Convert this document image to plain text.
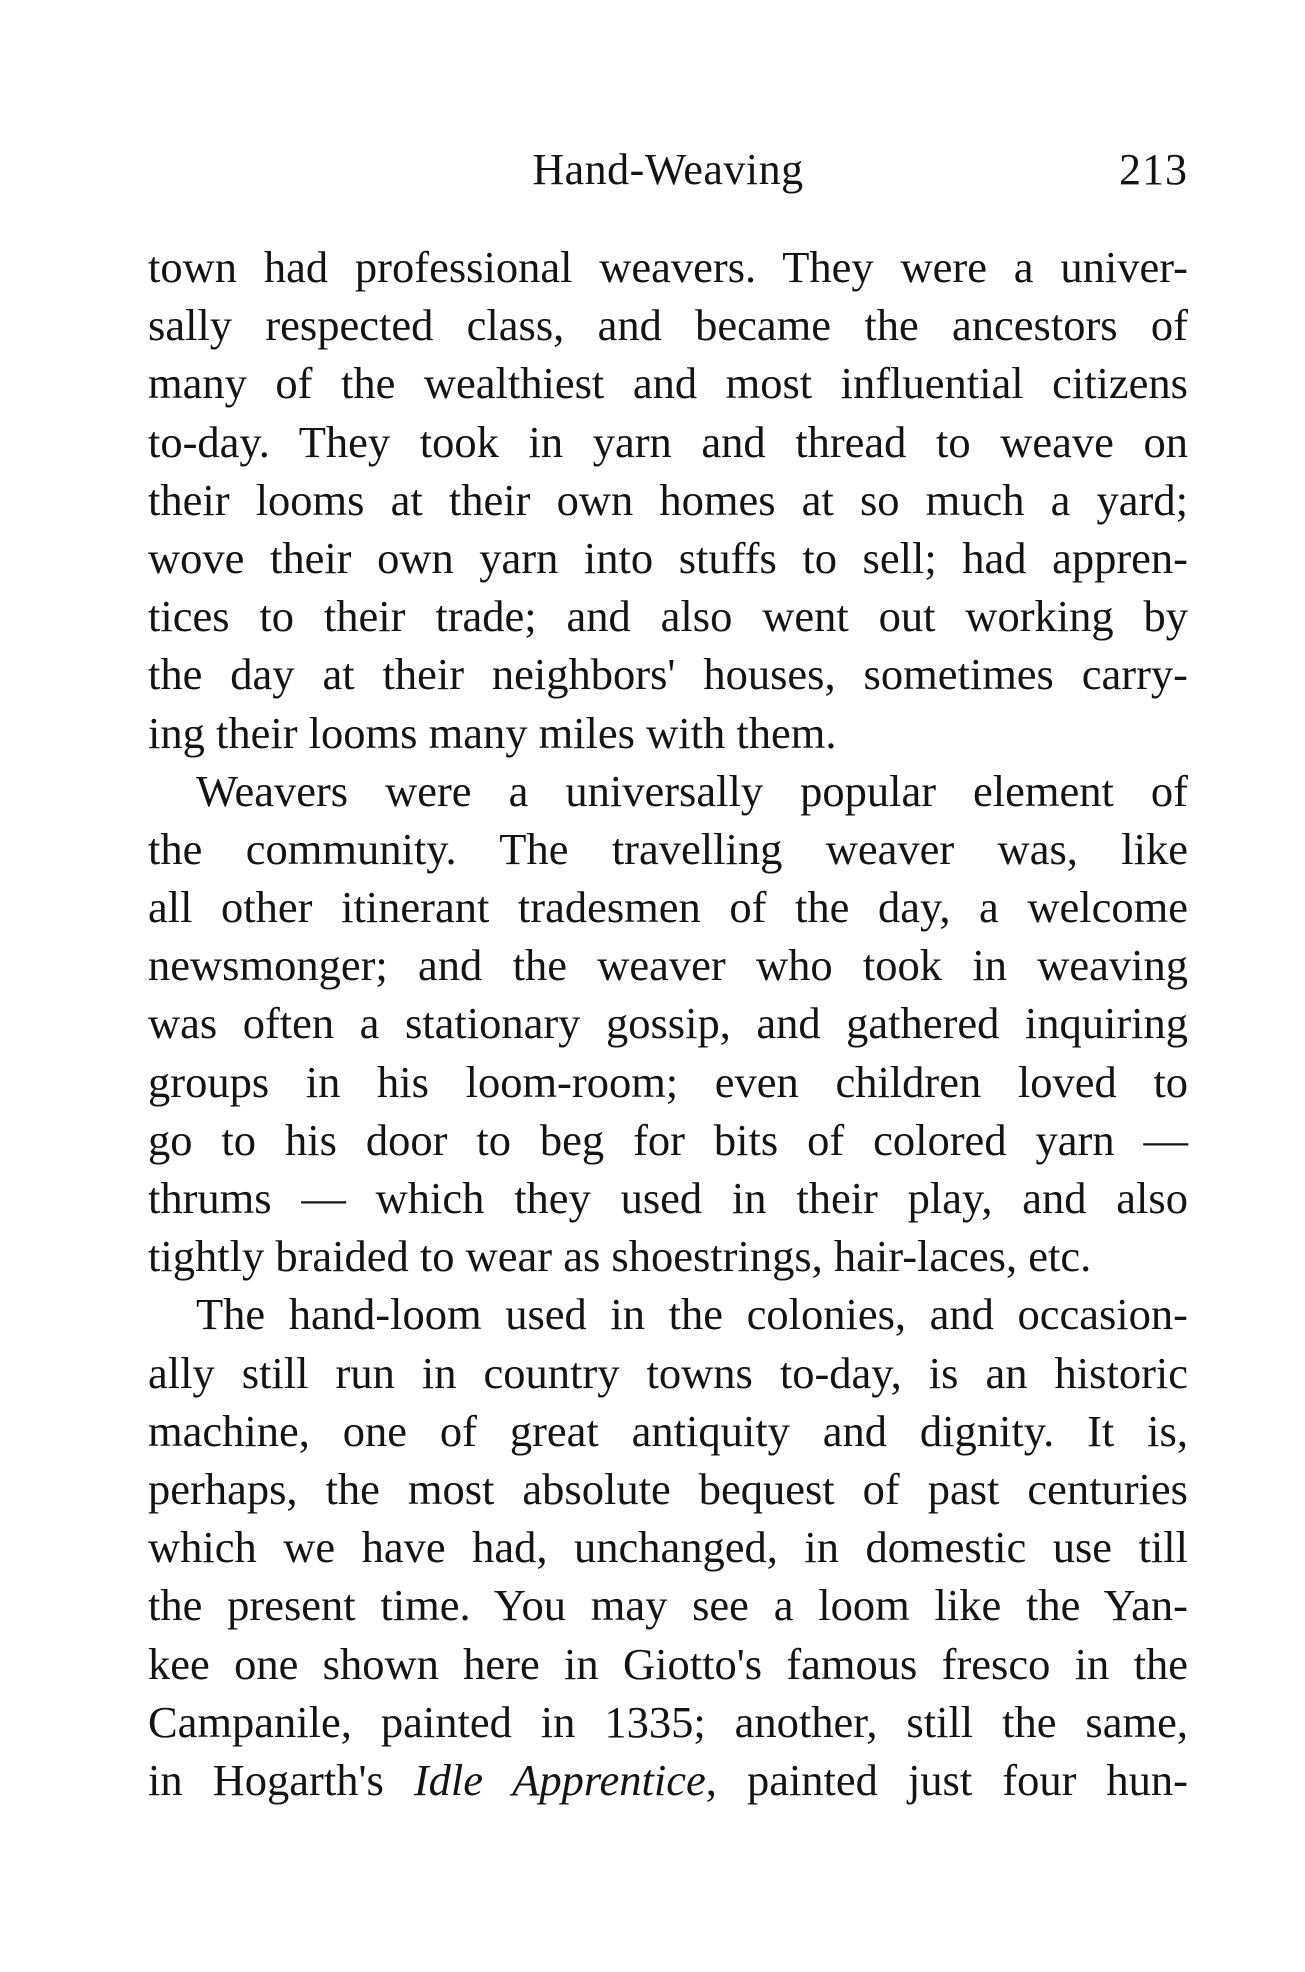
Hand-Weaving	213
town had professional weavers. They were a univer-
sally respected class, and became the ancestors of
many of the wealthiest and most influential citizens
to-day. They took in yarn and thread to weave on
their looms at their own homes at so much a yard;
wove their own yarn into stuffs to sell; had appren-
tices to their trade; and also went out working by
the day at their neighbors' houses, sometimes carry-
ing their looms many miles with them.
Weavers were a universally popular element of
the community. The travelling weaver was, like
all other itinerant tradesmen of the day, a welcome
newsmonger; and the weaver who took in weaving
was often a stationary gossip, and gathered inquiring
groups in his loom-room; even children loved to
go to his door to beg for bits of colored yarn —
thrums — which they used in their play, and also
tightly braided to wear as shoestrings, hair-laces, etc.
The hand-loom used in the colonies, and occasion-
ally still run in country towns to-day, is an historic
machine, one of great antiquity and dignity. It is,
perhaps, the most absolute bequest of past centuries
which we have had, unchanged, in domestic use till
the present time. You may see a loom like the Yan-
kee one shown here in Giotto's famous fresco in the
Campanile, painted in 1335; another, still the same,
in Hogarth's Idle Apprentice, painted just four hun-
